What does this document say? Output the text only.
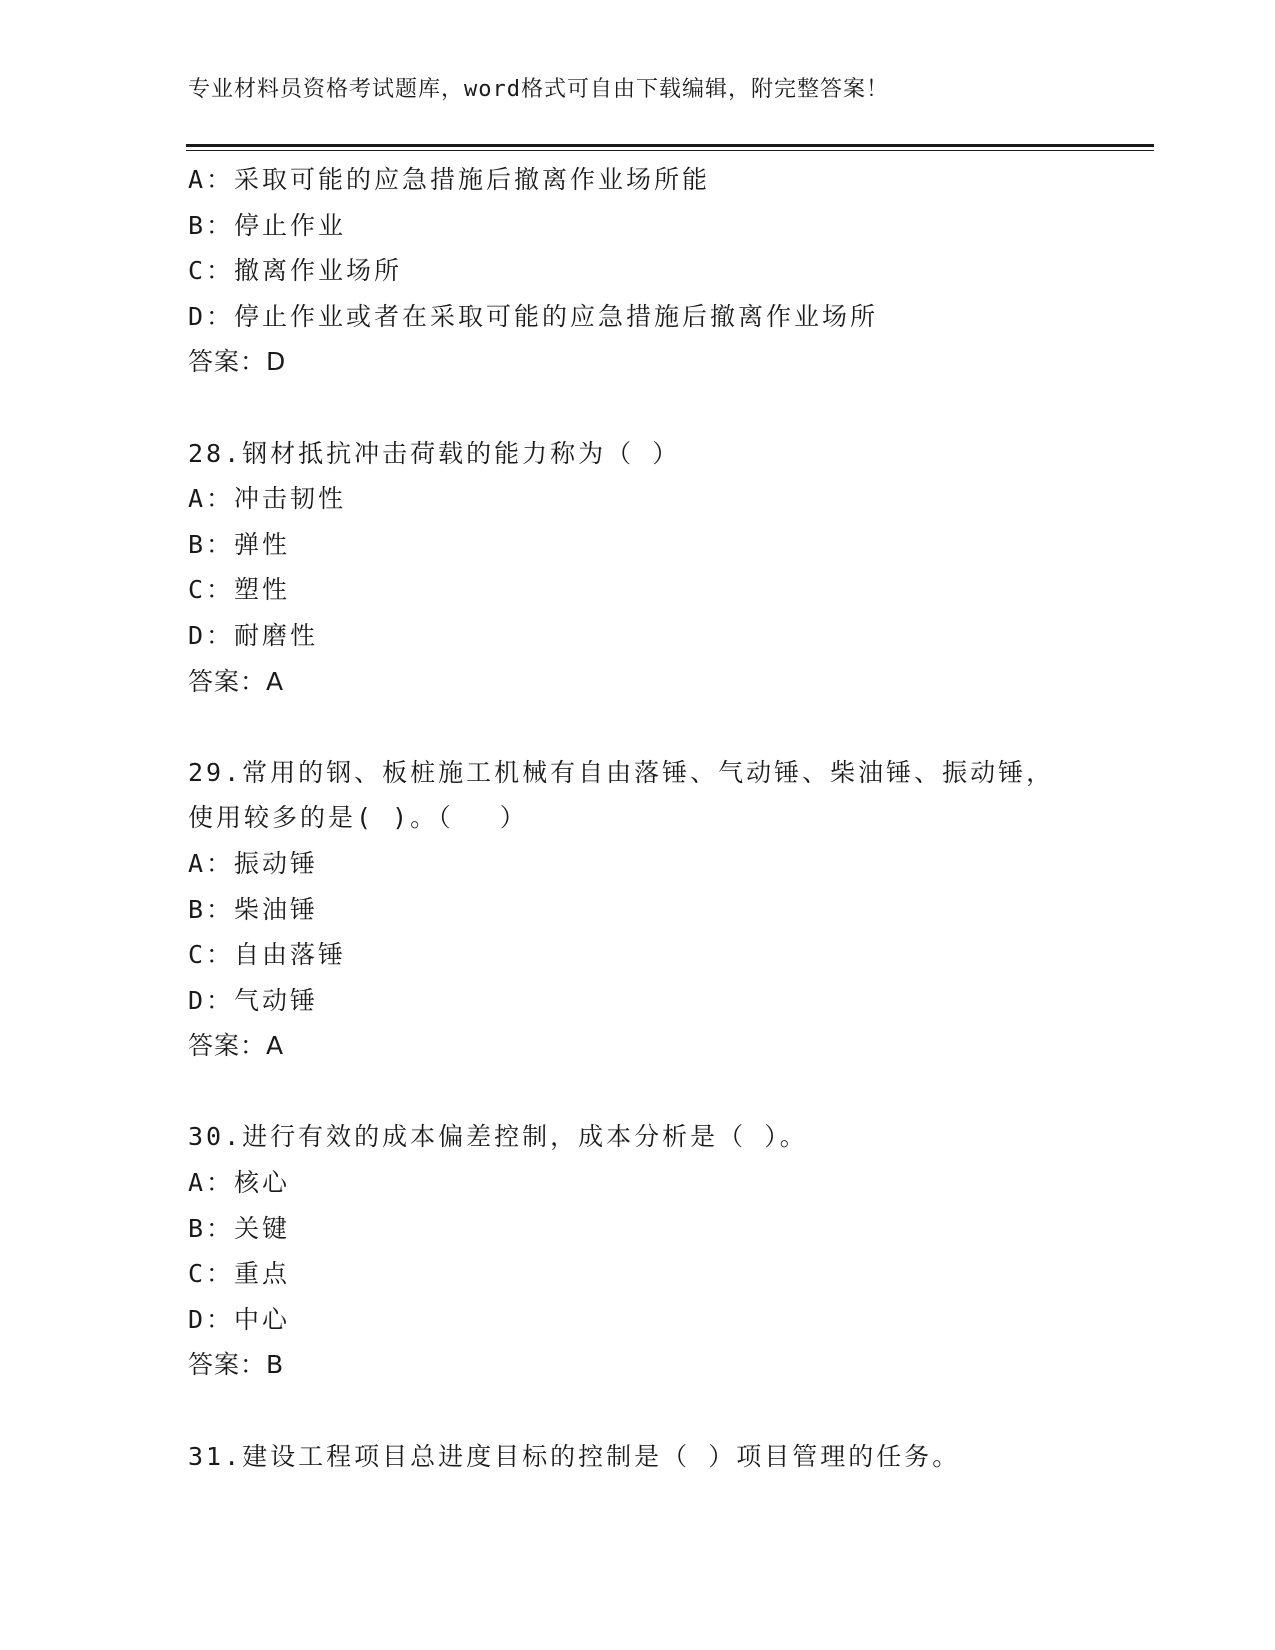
专业材料员资格考试题库，word格式可自由下载编辑，附完整答案！
A：采取可能的应急措施后撤离作业场所能
B：停止作业
C：撤离作业场所
D：停止作业或者在采取可能的应急措施后撤离作业场所
答案：D
28.钢材抵抗冲击荷载的能力称为（ ）
A：冲击韧性
B：弹性
C：塑性
D：耐磨性
答案：A
29.常用的钢、板桩施工机械有自由落锤、气动锤、柴油锤、振动锤，
使用较多的是( )。（　 ）
A：振动锤
B：柴油锤
C：自由落锤
D：气动锤
答案：A
30.进行有效的成本偏差控制，成本分析是（ ）。
A：核心
B：关键
C：重点
D：中心
答案：B
31.建设工程项目总进度目标的控制是（ ）项目管理的任务。
